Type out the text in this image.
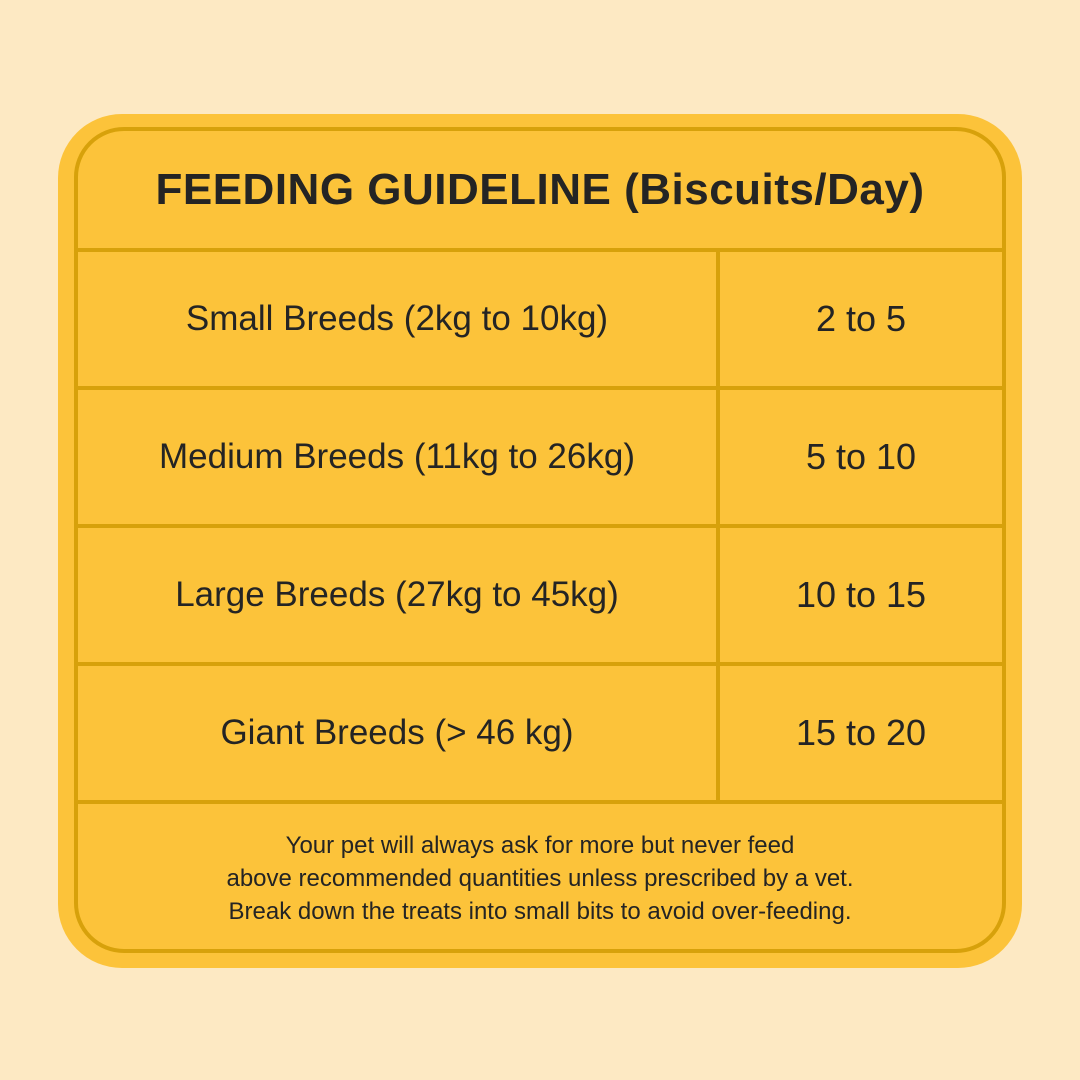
FEEDING GUIDELINE (Biscuits/Day)
Small Breeds (2kg to 10kg)	2 to 5
Medium Breeds (11kg to 26kg)	5 to 10
Large Breeds (27kg to 45kg)	10 to 15
Giant Breeds (> 46 kg)	15 to 20
Your pet will always ask for more but never feed
above recommended quantities unless prescribed by a vet.
Break down the treats into small bits to avoid over-feeding.
